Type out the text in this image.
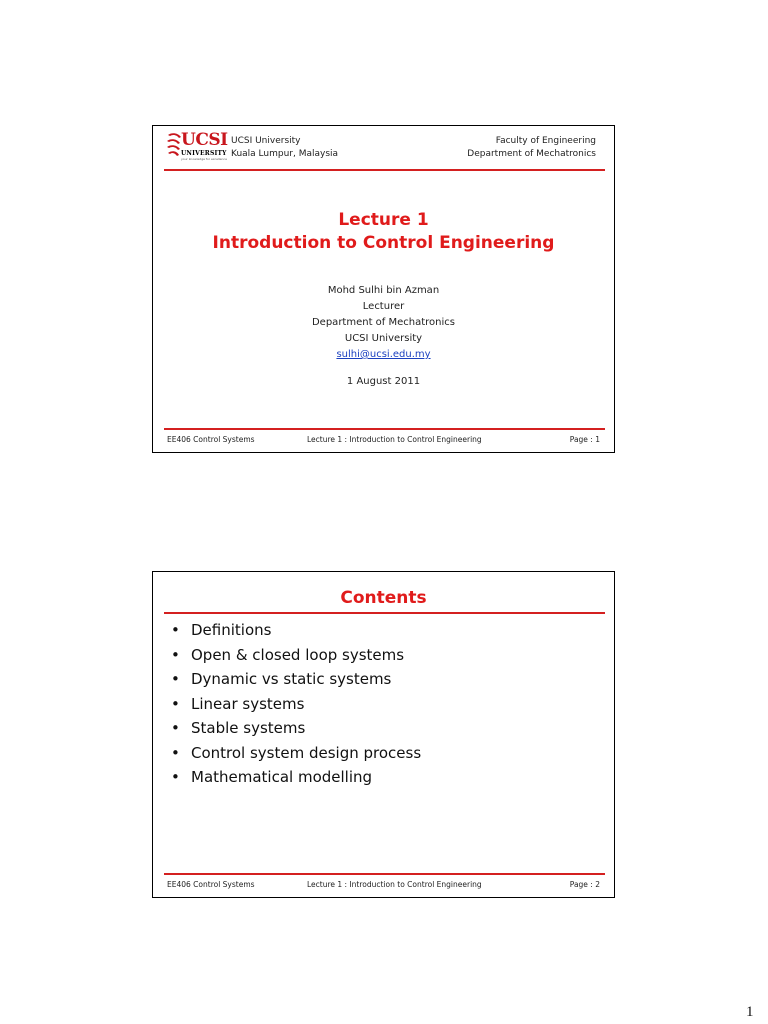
UCSI
UNIVERSITY
your knowledge for excellence
UCSI University
Kuala Lumpur, Malaysia
Faculty of Engineering
Department of Mechatronics
Lecture 1
Introduction to Control Engineering
Mohd Sulhi bin Azman
Lecturer
Department of Mechatronics
UCSI University
sulhi@ucsi.edu.my
1 August 2011
EE406 Control Systems	Lecture 1 : Introduction to Control Engineering	Page : 1
Contents
• Definitions
• Open & closed loop systems
• Dynamic vs static systems
• Linear systems
• Stable systems
• Control system design process
• Mathematical modelling
EE406 Control Systems	Lecture 1 : Introduction to Control Engineering	Page : 2
1
